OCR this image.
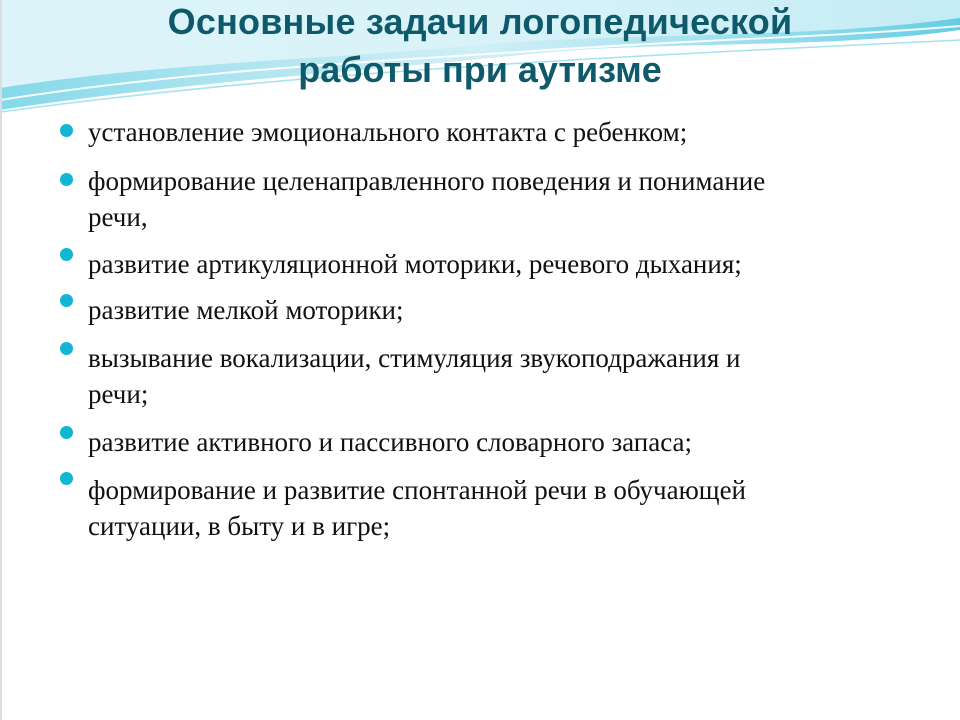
Основные задачи логопедической
работы при аутизме
установление эмоционального контакта с ребенком;
формирование целенаправленного поведения и понимание
речи,
развитие артикуляционной моторики, речевого дыхания;
развитие мелкой моторики;
вызывание вокализации, стимуляция звукоподражания и
речи;
развитие активного и пассивного словарного запаса;
формирование и развитие спонтанной речи в обучающей
ситуации, в быту и в игре;
